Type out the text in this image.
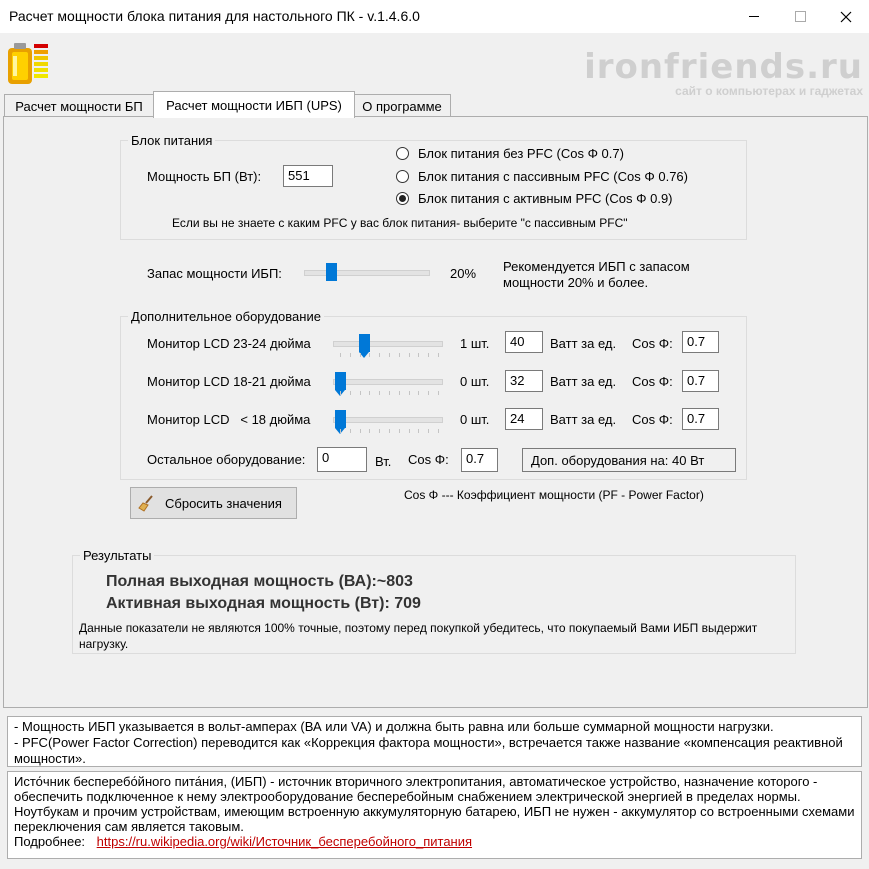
Расчет мощности блока питания для настольного ПК - v.1.4.6.0
ironfriends.ru
сайт о компьютерах и гаджетах
Расчет мощности БП	Расчет мощности ИБП (UPS)	О программе
Блок питания
Мощность БП (Вт):	551
Блок питания без PFC (Cos Φ 0.7)
Блок питания с пассивным PFC (Cos Φ 0.76)
Блок питания с активным PFC (Cos Φ 0.9)
Если вы не знаете с каким PFC у вас блок питания- выберите "с пассивным PFC"
Запас мощности ИБП:	20% Рекомендуется ИБП с запасом мощности 20% и более.
Дополнительное оборудование
Монитор LCD 23-24 дюйма	1 шт.	40	Ватт за ед. Cos Φ:	0.7
Монитор LCD 18-21 дюйма	0 шт.	32	Ватт за ед. Cos Φ:	0.7
Монитор LCD   < 18 дюйма	0 шт.	24	Ватт за ед. Cos Φ:	0.7
Остальное оборудование:	0	Вт. Cos Φ:	0.7	Доп. оборудования на: 40 Вт
Сбросить значения
Cos Φ --- Коэффициент мощности (PF - Power Factor)
Результаты
Полная выходная мощность (ВА):~803
Активная выходная мощность (Вт): 709
Данные показатели не являются 100% точные, поэтому перед покупкой убедитесь, что покупаемый Вами ИБП выдержит нагрузку.
- Мощность ИБП указывается в вольт-амперах (ВА или VA) и должна быть равна или больше суммарной мощности нагрузки.
- PFC(Power Factor Correction) переводится как «Коррекция фактора мощности», встречается также название «компенсация реактивной мощности».
Исто́чник бесперебо́йного пита́ния, (ИБП) - источник вторичного электропитания, автоматическое устройство, назначение которого - обеспечить подключенное к нему электрооборудование бесперебойным снабжением электрической энергией в пределах нормы. Ноутбукам и прочим устройствам, имеющим встроенную аккумуляторную батарею, ИБП не нужен - аккумулятор со встроенными схемами переключения сам является таковым.
Подробнее: https://ru.wikipedia.org/wiki/Источник_бесперебойного_питания
